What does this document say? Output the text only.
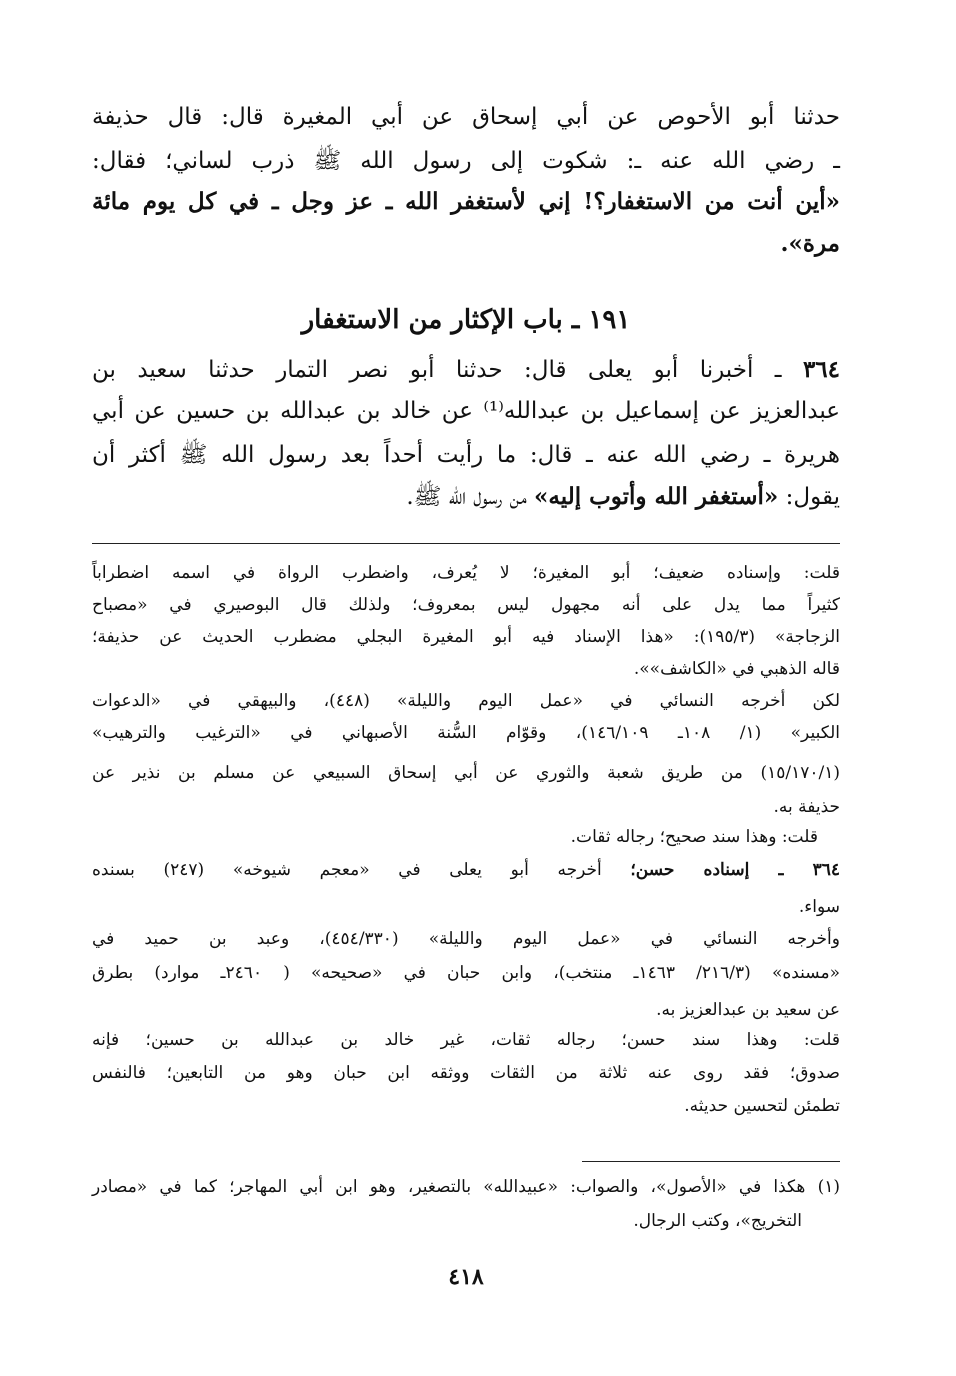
حدثنا أبو الأحوص عن أبي إسحاق عن أبي المغيرة قال: قال حذيفة
ـ رضي الله عنه ـ: شكوت إلى رسول الله ﷺ ذرب لساني؛ فقال:
«أين أنت من الاستغفار؟! إني لأستغفر الله ـ عز وجل ـ في كل يوم مائة
مرة».
١٩١ ـ باب الإكثار من الاستغفار
٣٦٤ ـ أخبرنا أبو يعلى قال: حدثنا أبو نصر التمار حدثنا سعيد بن
عبدالعزيز عن إسماعيل بن عبدالله⁽¹⁾ عن خالد بن عبدالله بن حسين عن أبي
هريرة ـ رضي الله عنه ـ قال: ما رأيت أحداً بعد رسول الله ﷺ أكثر أن
يقول: «أستغفر الله وأتوب إليه» من رسول الله ﷺ.
قلت: وإسناده ضعيف؛ أبو المغيرة؛ لا يُعرف، واضطرب الرواة في اسمه اضطراباً
كثيراً مما يدل على أنه مجهول ليس بمعروف؛ ولذلك قال البوصيري في «مصباح
الزجاجة» (١٩٥/٣): «هذا الإسناد فيه أبو المغيرة البجلي مضطرب الحديث عن حذيفة؛
قاله الذهبي في «الكاشف»».
لكن أخرجه النسائي في «عمل اليوم والليلة» (٤٤٨)، والبيهقي في «الدعوات
الكبير» (١/ ١٠٨ـ ١٤٦/١٠٩)، وقوّام السُّنة الأصبهاني في «الترغيب والترهيب»
(١٥/١٧٠/١) من طريق شعبة والثوري عن أبي إسحاق السبيعي عن مسلم بن نذير عن
حذيفة به.
قلت: وهذا سند صحيح؛ رجاله ثقات.
٣٦٤ ـ إسناده حسن؛ أخرجه أبو يعلى في «معجم شيوخه» (٢٤٧) بسنده
سواء.
وأخرجه النسائي في «عمل اليوم والليلة» (٤٥٤/٣٣٠)، وعبد بن حميد في
«مسنده» (٢١٦/٣/ ١٤٦٣ـ منتخب)، وابن حبان في «صحيحه» ( ٢٤٦٠ـ موارد) بطرق
عن سعيد بن عبدالعزيز به.
قلت: وهذا سند حسن؛ رجاله ثقات، غير خالد بن عبدالله بن حسين؛ فإنه
صدوق؛ فقد روى عنه ثلاثة من الثقات ووثقه ابن حبان وهو من التابعين؛ فالنفس
تطمئن لتحسين حديثه.
(١) هكذا في «الأصول»، والصواب: «عبيدالله» بالتصغير، وهو ابن أبي المهاجر؛ كما في «مصادر
التخريج»، وكتب الرجال.
٤١٨
